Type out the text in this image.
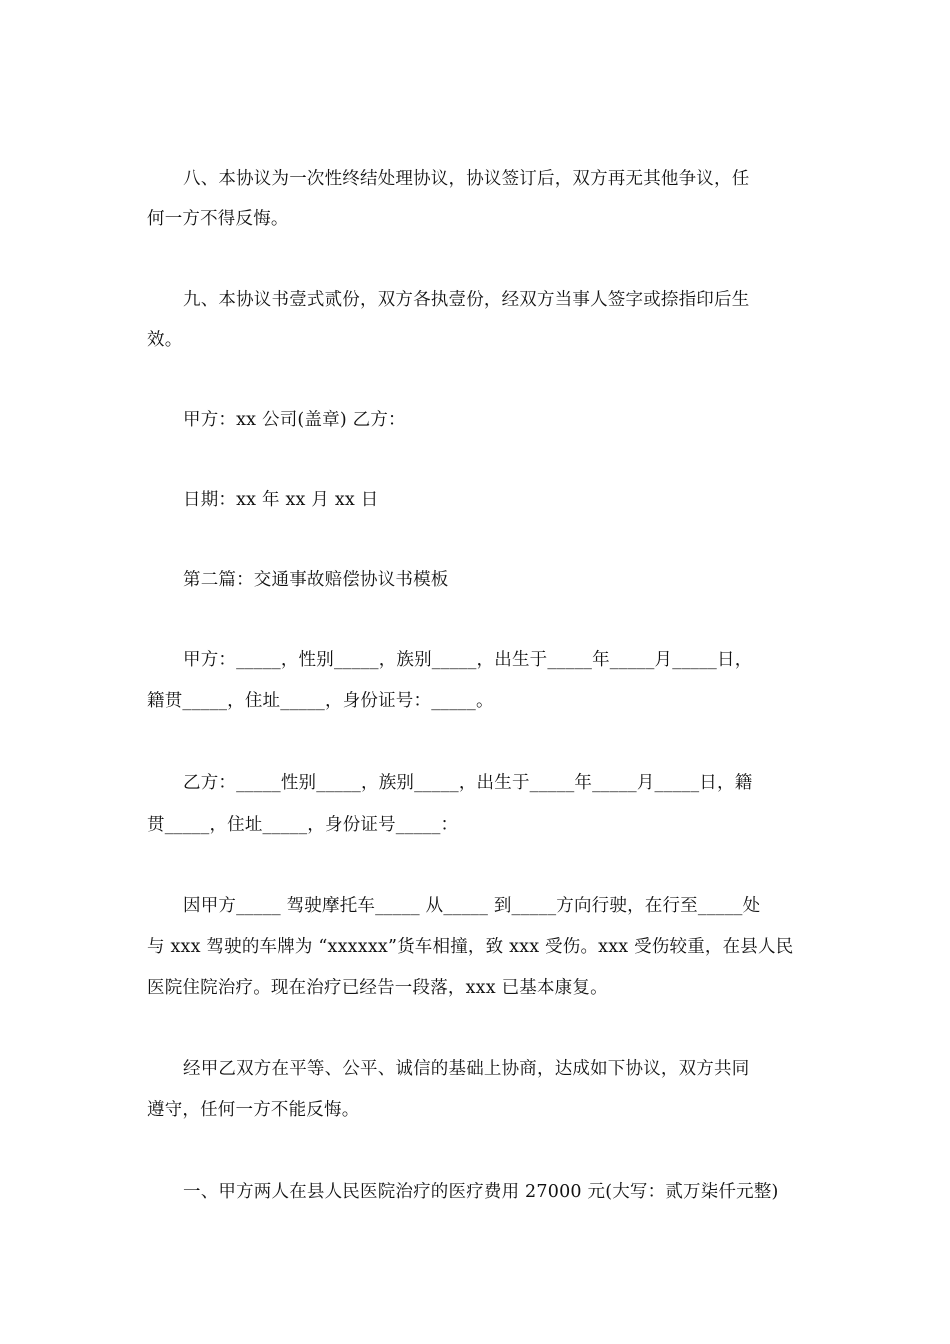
八、本协议为一次性终结处理协议，协议签订后，双方再无其他争议，任
何一方不得反悔。
九、本协议书壹式贰份，双方各执壹份，经双方当事人签字或捺指印后生
效。
甲方：xx 公司(盖章) 乙方：
日期：xx 年 xx 月 xx 日
第二篇：交通事故赔偿协议书模板
甲方：_____，性别_____，族别_____，出生于_____年_____月_____日，
籍贯_____，住址_____，身份证号：_____。
乙方：_____性别_____，族别_____，出生于_____年_____月_____日，籍
贯_____，住址_____，身份证号_____：
因甲方_____ 驾驶摩托车_____ 从_____ 到_____方向行驶，在行至_____处
与 xxx 驾驶的车牌为 “xxxxxx”货车相撞，致 xxx 受伤。xxx 受伤较重，在县人民
医院住院治疗。现在治疗已经告一段落，xxx 已基本康复。
经甲乙双方在平等、公平、诚信的基础上协商，达成如下协议，双方共同
遵守，任何一方不能反悔。
一、甲方两人在县人民医院治疗的医疗费用 27000 元(大写：贰万柒仟元整)
